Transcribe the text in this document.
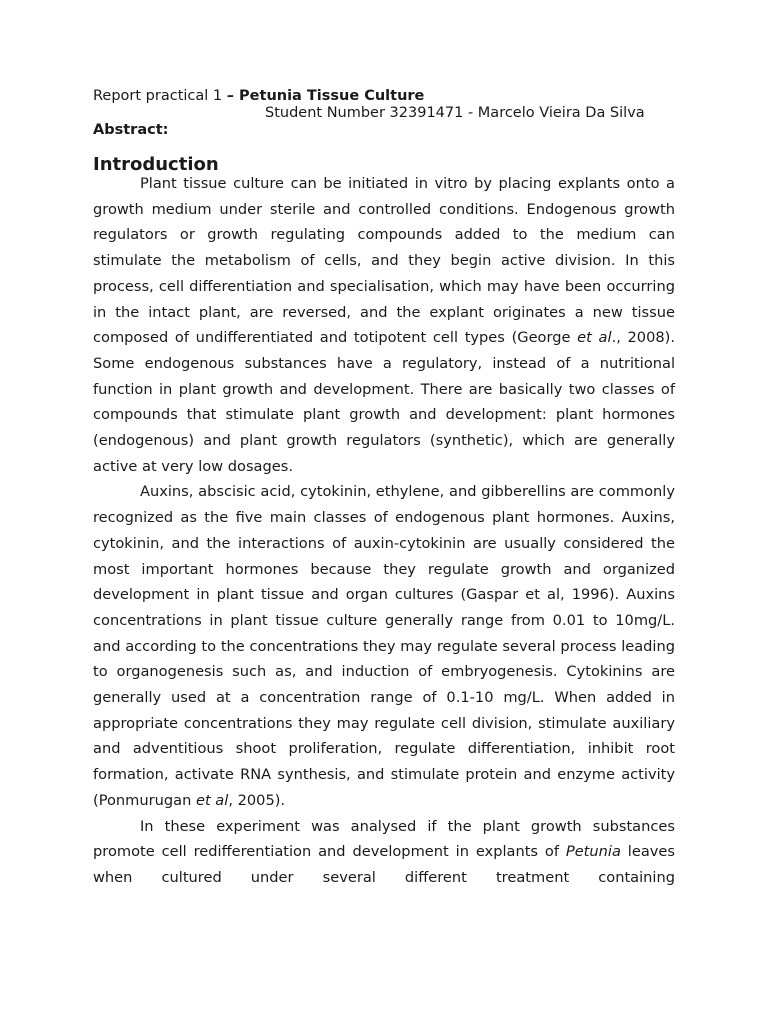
Report practical 1 – Petunia Tissue Culture
Student Number 32391471 - Marcelo Vieira Da Silva
Abstract:
Introduction

Plant tissue culture can be initiated in vitro by placing explants onto a growth medium under sterile and controlled conditions. Endogenous growth regulators or growth regulating compounds added to the medium can stimulate the metabolism of cells, and they begin active division. In this process, cell differentiation and specialisation, which may have been occurring in the intact plant, are reversed, and the explant originates a new tissue composed of undifferentiated and totipotent cell types (George et al., 2008). Some endogenous substances have a regulatory, instead of a nutritional function in plant growth and development. There are basically two classes of compounds that stimulate plant growth and development: plant hormones (endogenous) and plant growth regulators (synthetic), which are generally active at very low dosages.

Auxins, abscisic acid, cytokinin, ethylene, and gibberellins are commonly recognized as the five main classes of endogenous plant hormones. Auxins, cytokinin, and the interactions of auxin-cytokinin are usually considered the most important hormones because they regulate growth and organized development in plant tissue and organ cultures (Gaspar et al, 1996). Auxins concentrations in plant tissue culture generally range from 0.01 to 10mg/L. and according to the concentrations they may regulate several process leading to organogenesis such as, and induction of embryogenesis. Cytokinins are generally used at a concentration range of 0.1-10 mg/L. When added in appropriate concentrations they may regulate cell division, stimulate auxiliary and adventitious shoot proliferation, regulate differentiation, inhibit root formation, activate RNA synthesis, and stimulate protein and enzyme activity (Ponmurugan et al, 2005).

In these experiment was analysed if the plant growth substances promote cell redifferentiation and development in explants of Petunia leaves when cultured under several different treatment containing
